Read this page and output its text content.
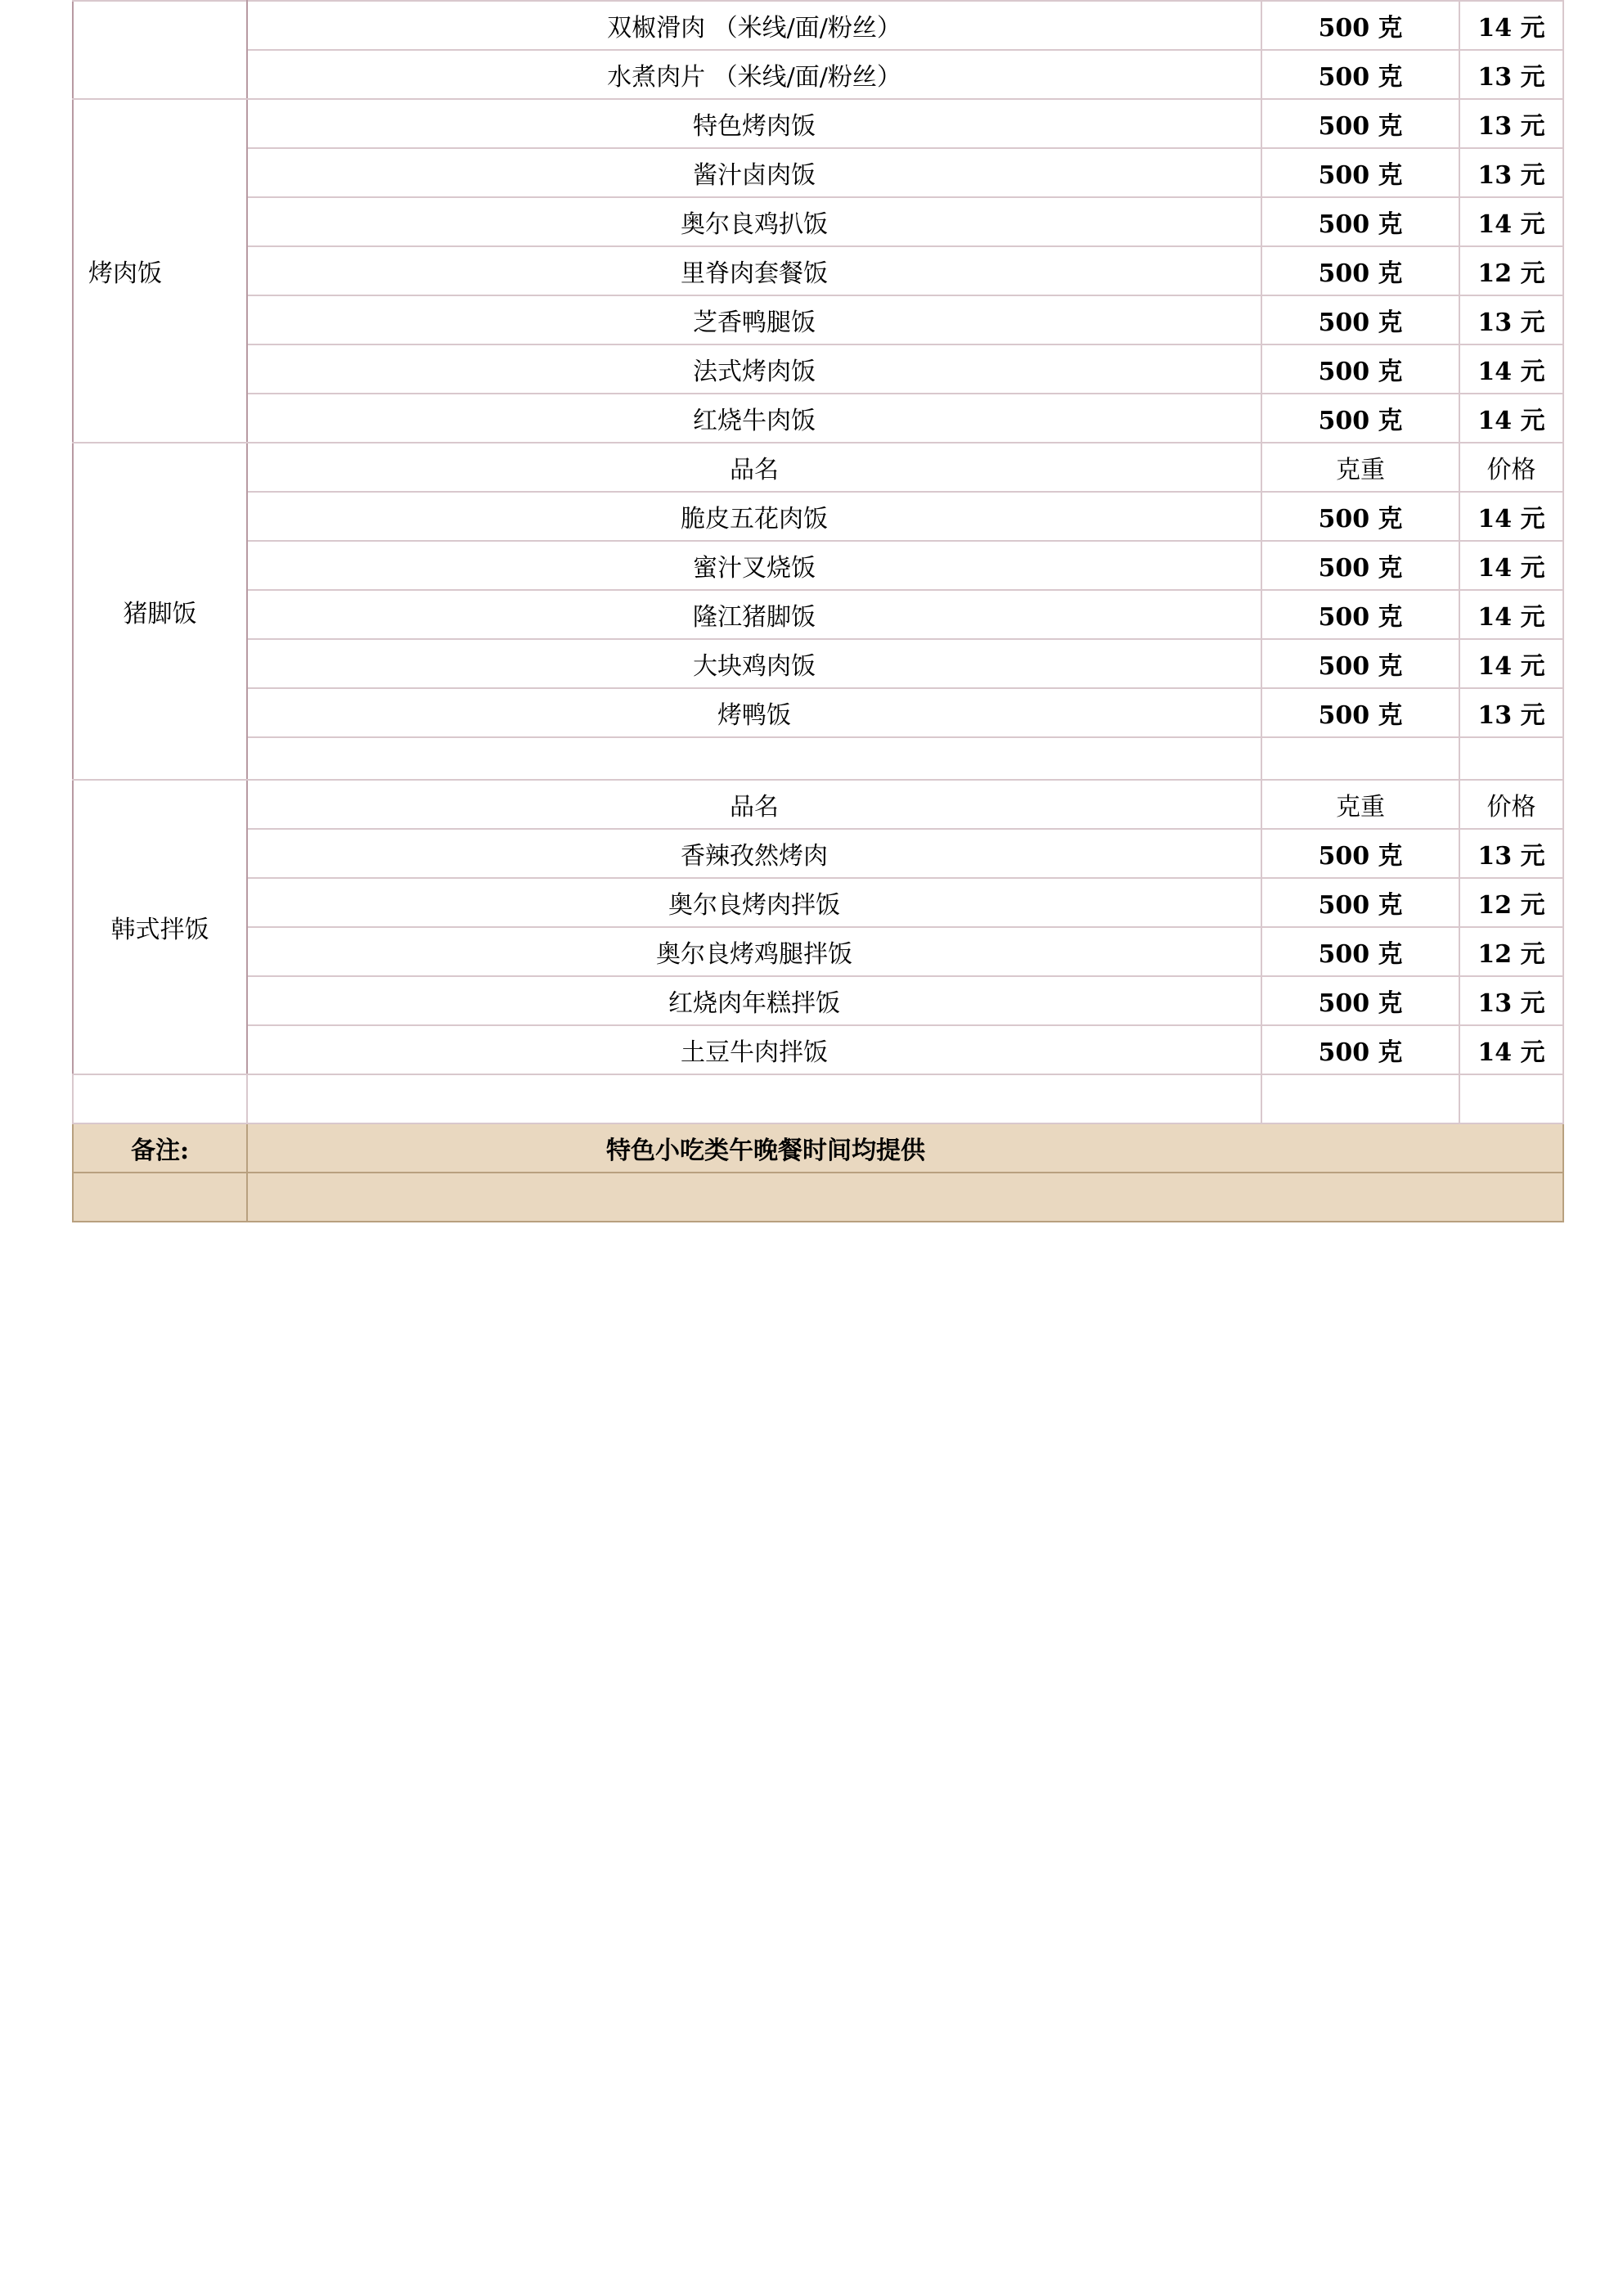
	双椒滑肉 （米线/面/粉丝）	500 克	14 元
	水煮肉片 （米线/面/粉丝）	500 克	13 元
烤肉饭	特色烤肉饭	500 克	13 元
	酱汁卤肉饭	500 克	13 元
	奥尔良鸡扒饭	500 克	14 元
	里脊肉套餐饭	500 克	12 元
	芝香鸭腿饭	500 克	13 元
	法式烤肉饭	500 克	14 元
	红烧牛肉饭	500 克	14 元
猪脚饭	品名	克重	价格
	脆皮五花肉饭	500 克	14 元
	蜜汁叉烧饭	500 克	14 元
	隆江猪脚饭	500 克	14 元
	大块鸡肉饭	500 克	14 元
	烤鸭饭	500 克	13 元

韩式拌饭	品名	克重	价格
	香辣孜然烤肉	500 克	13 元
	奥尔良烤肉拌饭	500 克	12 元
	奥尔良烤鸡腿拌饭	500 克	12 元
	红烧肉年糕拌饭	500 克	13 元
	土豆牛肉拌饭	500 克	14 元

备注:	特色小吃类午晚餐时间均提供		
